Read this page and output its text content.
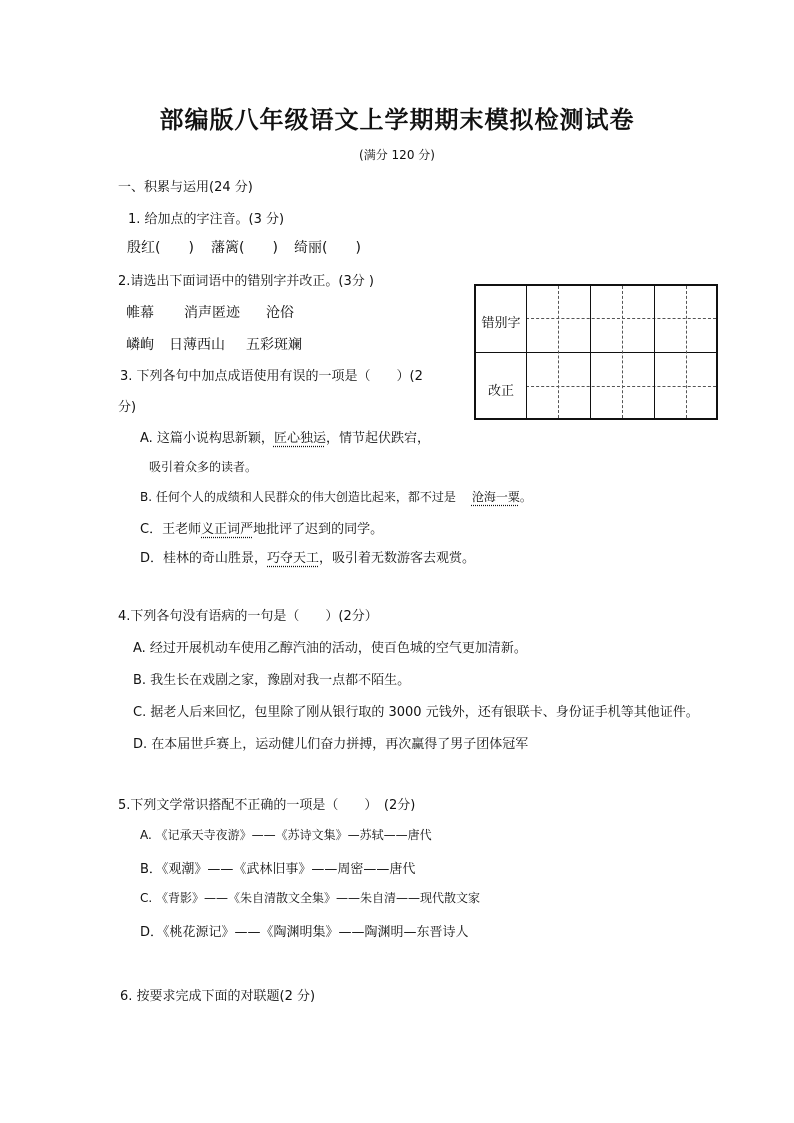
部编版八年级语文上学期期末模拟检测试卷
(满分 120 分)
一、积累与运用(24 分)
1. 给加点的字注音。(3 分)
殷红(　　) 藩篱(　　) 绮丽(　　)
2.请选出下面词语中的错别字并改正。(3分 )
帷幕 消声匿迹 沧俗
嶙峋 日薄西山 五彩斑斓
错别字
改正
3. 下列各句中加点成语使用有误的一项是（　　）(2
分)
A. 这篇小说构思新颖，匠心独运，情节起伏跌宕，
吸引着众多的读者。
B. 任何个人的成绩和人民群众的伟大创造比起来，都不过是 沧海一粟。
C．王老师义正词严地批评了迟到的同学。
D．桂林的奇山胜景，巧夺天工，吸引着无数游客去观赏。
4.下列各句没有语病的一句是（　　）(2分）
A. 经过开展机动车使用乙醇汽油的活动，使百色城的空气更加清新。
B. 我生长在戏剧之家，豫剧对我一点都不陌生。
C. 据老人后来回忆，包里除了刚从银行取的 3000 元钱外，还有银联卡、身份证手机等其他证件。
D. 在本届世乒赛上，运动健儿们奋力拼搏，再次赢得了男子团体冠军
5.下列文学常识搭配不正确的一项是（　　）　(2分)
A. 《记承天寺夜游》——《苏诗文集》—苏轼——唐代
B．《观潮》——《武林旧事》——周密——唐代
C. 《背影》——《朱自清散文全集》——朱自清——现代散文家
D．《桃花源记》——《陶渊明集》——陶渊明—东晋诗人
6. 按要求完成下面的对联题(2 分)
